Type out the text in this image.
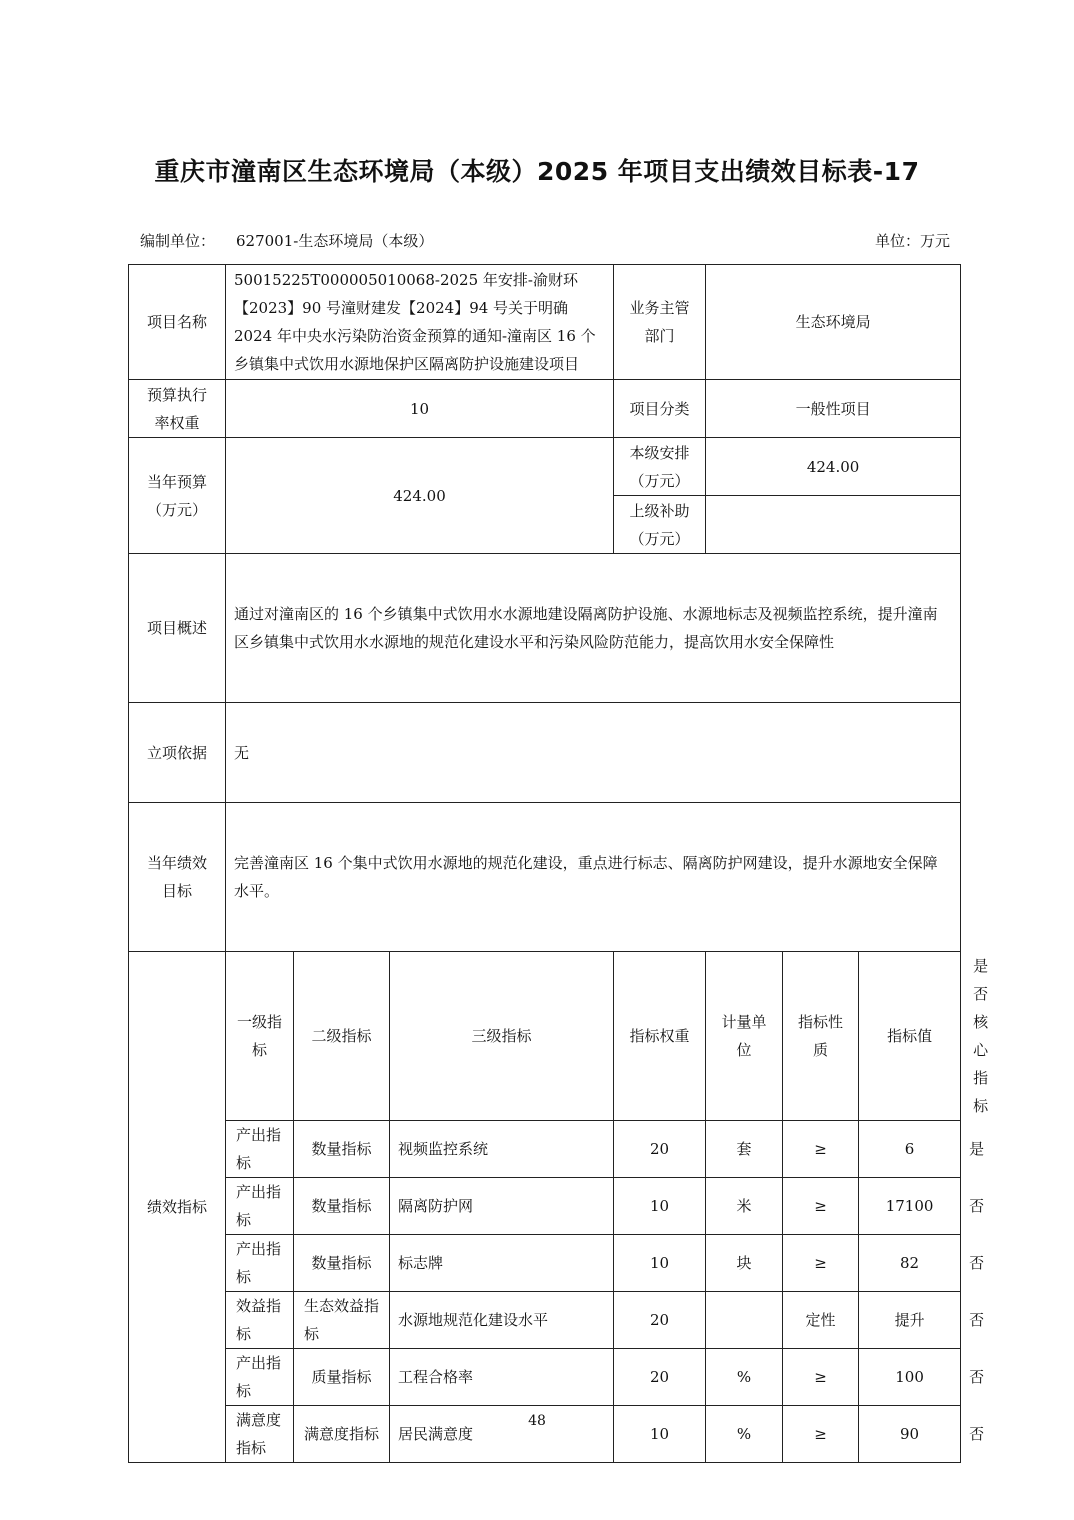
重庆市潼南区生态环境局（本级）2025 年项目支出绩效目标表-17
编制单位： 627001-生态环境局（本级）	单位：万元
项目名称	50015225T000005010068-2025 年安排-渝财环【2023】90 号潼财建发【2024】94 号关于明确 2024 年中央水污染防治资金预算的通知-潼南区 16 个乡镇集中式饮用水源地保护区隔离防护设施建设项目			业务主管部门	生态环境局			
预算执行率权重	10			项目分类	一般性项目			
当年预算（万元）	424.00			本级安排（万元）	424.00			
				上级补助（万元）				
项目概述	通过对潼南区的 16 个乡镇集中式饮用水水源地建设隔离防护设施、水源地标志及视频监控系统，提升潼南区乡镇集中式饮用水水源地的规范化建设水平和污染风险防范能力，提高饮用水安全保障性							
立项依据	无							
当年绩效目标	完善潼南区 16 个集中式饮用水源地的规范化建设，重点进行标志、隔离防护网建设，提升水源地安全保障水平。							
绩效指标	一级指标	二级指标	三级指标	指标权重	计量单位	指标性质	指标值	是否核心指标
	产出指标	数量指标	视频监控系统	20	套	≥	6	是
	产出指标	数量指标	隔离防护网	10	米	≥	17100	否
	产出指标	数量指标	标志牌	10	块	≥	82	否
	效益指标	生态效益指标	水源地规范化建设水平	20		定性	提升	否
	产出指标	质量指标	工程合格率	20	%	≥	100	否
	满意度指标	满意度指标	居民满意度	10	%	≥	90	否
48
